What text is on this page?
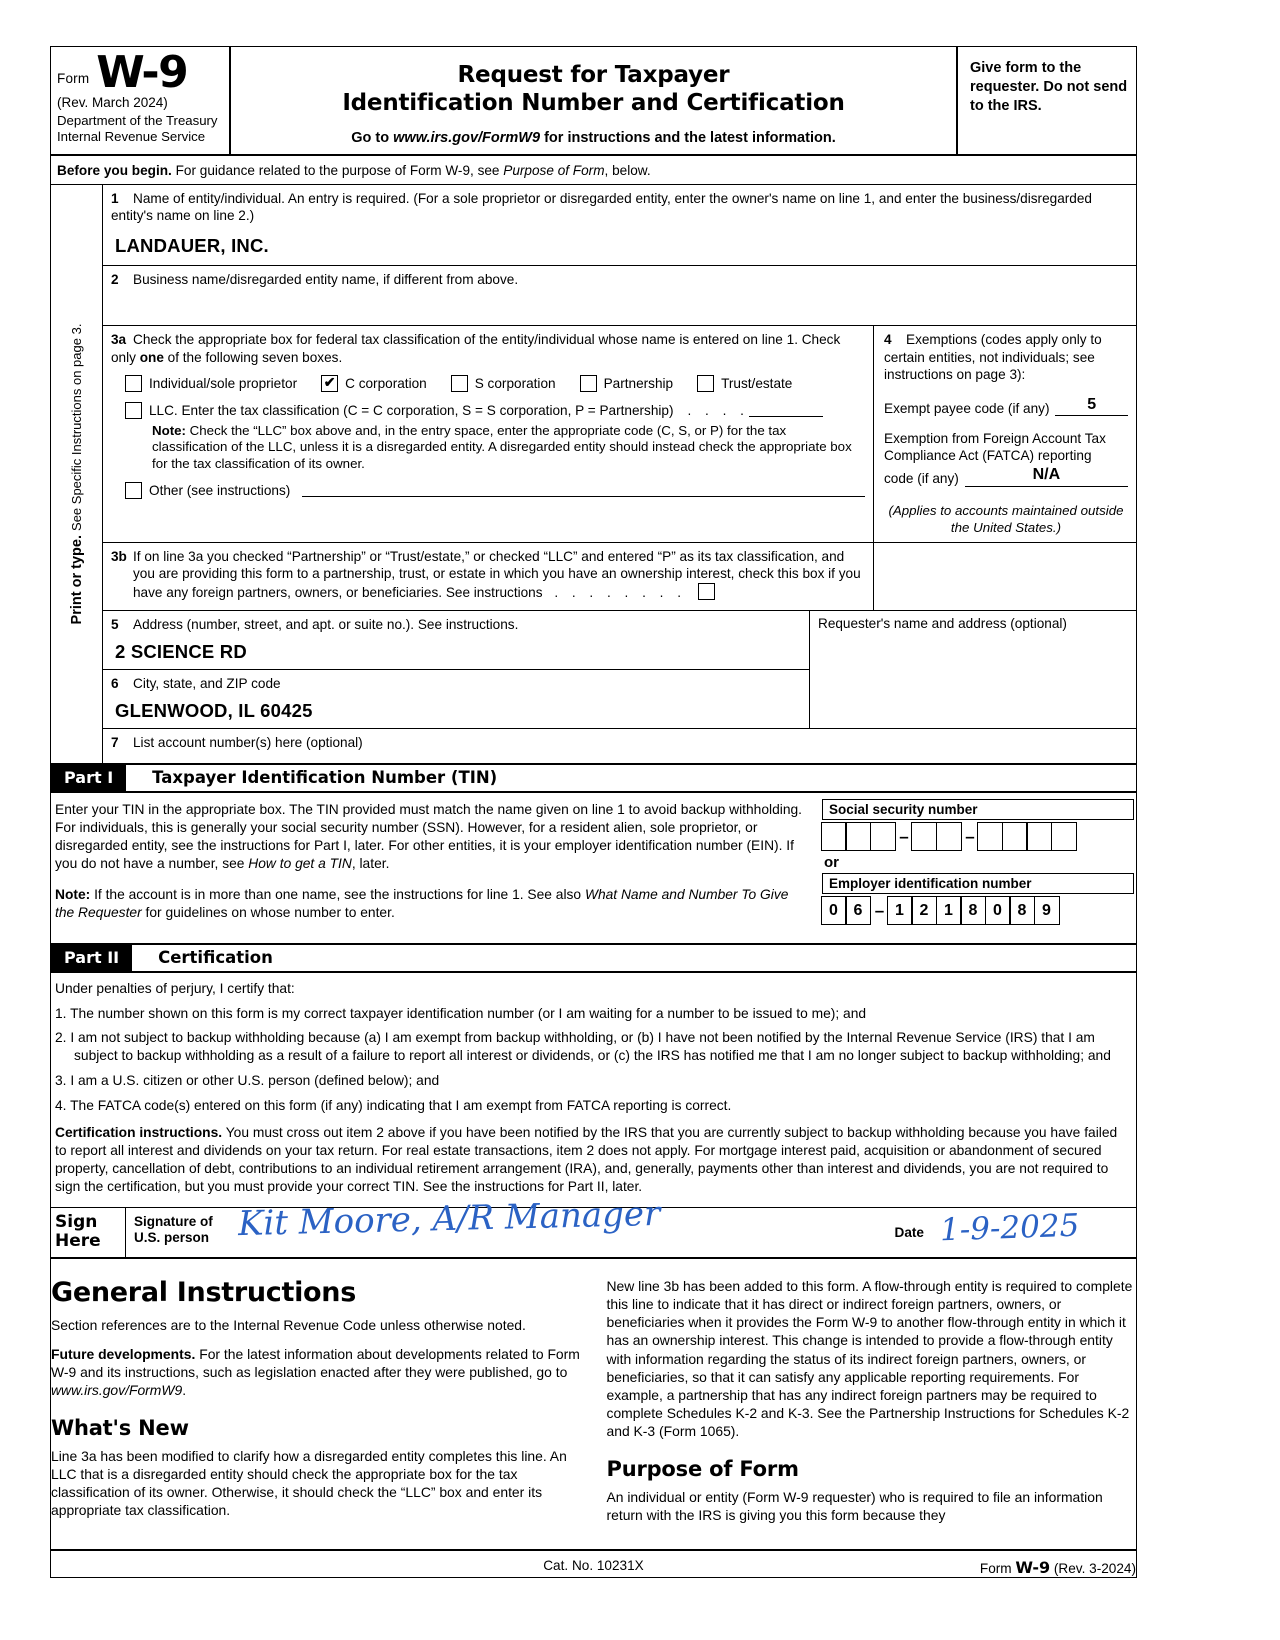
Form W-9
(Rev. March 2024)
Department of the Treasury
Internal Revenue Service
Request for Taxpayer
Identification Number and Certification
Go to www.irs.gov/FormW9 for instructions and the latest information.
Give form to the requester. Do not send to the IRS.
Before you begin. For guidance related to the purpose of Form W-9, see Purpose of Form, below.
Print or type. See Specific Instructions on page 3.
1 Name of entity/individual. An entry is required. (For a sole proprietor or disregarded entity, enter the owner's name on line 1, and enter the business/disregarded entity's name on line 2.)
LANDAUER, INC.
2 Business name/disregarded entity name, if different from above.
3a Check the appropriate box for federal tax classification of the entity/individual whose name is entered on line 1. Check only one of the following seven boxes.
Individual/sole proprietor ✔ C corporation	S corporation	Partnership	Trust/estate
LLC. Enter the tax classification (C = C corporation, S = S corporation, P = Partnership) . . . .
Note: Check the “LLC” box above and, in the entry space, enter the appropriate code (C, S, or P) for the tax classification of the LLC, unless it is a disregarded entity. A disregarded entity should instead check the appropriate box for the tax classification of its owner.
Other (see instructions)
4 Exemptions (codes apply only to certain entities, not individuals; see instructions on page 3):
Exempt payee code (if any)	5
Exemption from Foreign Account Tax
Compliance Act (FATCA) reporting
code (if any)	N/A
(Applies to accounts maintained outside the United States.)
3b If on line 3a you checked “Partnership” or “Trust/estate,” or checked “LLC” and entered “P” as its tax classification, and you are providing this form to a partnership, trust, or estate in which you have an ownership interest, check this box if you have any foreign partners, owners, or beneficiaries. See instructions . . . . . . . .
5 Address (number, street, and apt. or suite no.). See instructions.
2 SCIENCE RD
6 City, state, and ZIP code
GLENWOOD, IL 60425
Requester's name and address (optional)
7 List account number(s) here (optional)
Part I	Taxpayer Identification Number (TIN)

Enter your TIN in the appropriate box. The TIN provided must match the name given on line 1 to avoid backup withholding. For individuals, this is generally your social security number (SSN). However, for a resident alien, sole proprietor, or disregarded entity, see the instructions for Part I, later. For other entities, it is your employer identification number (EIN). If you do not have a number, see How to get a TIN, later.

Note: If the account is in more than one name, see the instructions for line 1. See also What Name and Number To Give the Requester for guidelines on whose number to enter.

Social security number
–	–
or
Employer identification number
0 6 – 1 2 1 8 0 8 9
Part II	Certification

Under penalties of perjury, I certify that:

1. The number shown on this form is my correct taxpayer identification number (or I am waiting for a number to be issued to me); and

2. I am not subject to backup withholding because (a) I am exempt from backup withholding, or (b) I have not been notified by the Internal Revenue Service (IRS) that I am subject to backup withholding as a result of a failure to report all interest or dividends, or (c) the IRS has notified me that I am no longer subject to backup withholding; and

3. I am a U.S. citizen or other U.S. person (defined below); and

4. The FATCA code(s) entered on this form (if any) indicating that I am exempt from FATCA reporting is correct.

Certification instructions. You must cross out item 2 above if you have been notified by the IRS that you are currently subject to backup withholding because you have failed to report all interest and dividends on your tax return. For real estate transactions, item 2 does not apply. For mortgage interest paid, acquisition or abandonment of secured property, cancellation of debt, contributions to an individual retirement arrangement (IRA), and, generally, payments other than interest and dividends, you are not required to sign the certification, but you must provide your correct TIN. See the instructions for Part II, later.

Sign
Here
Signature of
U.S. person Kit Moore, A/R Manager	Date 1-9-2025
General Instructions

Section references are to the Internal Revenue Code unless otherwise noted.

Future developments. For the latest information about developments related to Form W-9 and its instructions, such as legislation enacted after they were published, go to www.irs.gov/FormW9.

What's New

Line 3a has been modified to clarify how a disregarded entity completes this line. An LLC that is a disregarded entity should check the appropriate box for the tax classification of its owner. Otherwise, it should check the “LLC” box and enter its appropriate tax classification.

New line 3b has been added to this form. A flow-through entity is required to complete this line to indicate that it has direct or indirect foreign partners, owners, or beneficiaries when it provides the Form W-9 to another flow-through entity in which it has an ownership interest. This change is intended to provide a flow-through entity with information regarding the status of its indirect foreign partners, owners, or beneficiaries, so that it can satisfy any applicable reporting requirements. For example, a partnership that has any indirect foreign partners may be required to complete Schedules K-2 and K-3. See the Partnership Instructions for Schedules K-2 and K-3 (Form 1065).

Purpose of Form

An individual or entity (Form W-9 requester) who is required to file an information return with the IRS is giving you this form because they

Cat. No. 10231X	Form W-9 (Rev. 3-2024)
